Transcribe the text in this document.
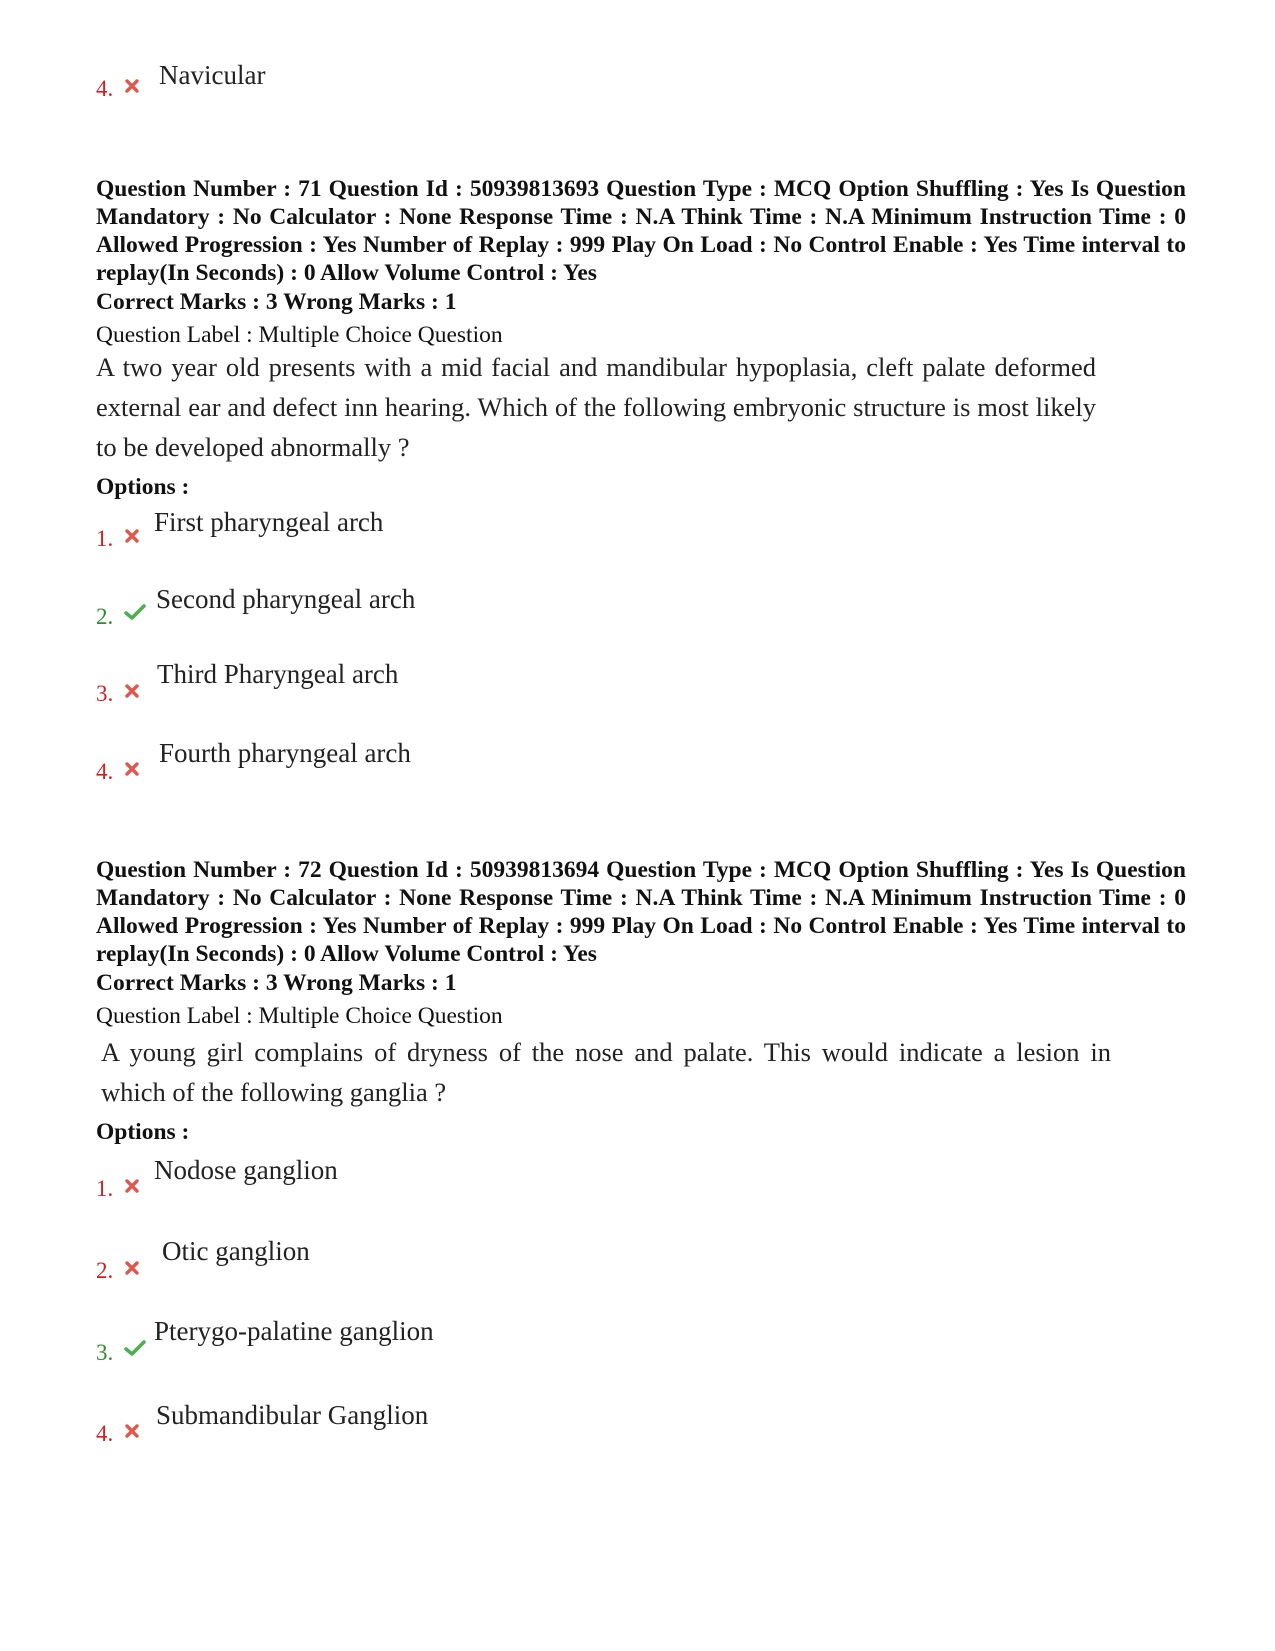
4. Navicular
Question Number : 71 Question Id : 50939813693 Question Type : MCQ Option Shuffling : Yes Is Question Mandatory : No Calculator : None Response Time : N.A Think Time : N.A Minimum Instruction Time : 0 Allowed Progression : Yes Number of Replay : 999 Play On Load : No Control Enable : Yes Time interval to replay(In Seconds) : 0 Allow Volume Control : Yes
Correct Marks : 3 Wrong Marks : 1
Question Label : Multiple Choice Question
A two year old presents with a mid facial and mandibular hypoplasia, cleft palate deformed external ear and defect inn hearing. Which of the following embryonic structure is most likely to be developed abnormally ?
Options :
1.
First pharyngeal arch
2.
Second pharyngeal arch
3.
Third Pharyngeal arch
4.
Fourth pharyngeal arch
Question Number : 72 Question Id : 50939813694 Question Type : MCQ Option Shuffling : Yes Is Question Mandatory : No Calculator : None Response Time : N.A Think Time : N.A Minimum Instruction Time : 0 Allowed Progression : Yes Number of Replay : 999 Play On Load : No Control Enable : Yes Time interval to replay(In Seconds) : 0 Allow Volume Control : Yes
Correct Marks : 3 Wrong Marks : 1
Question Label : Multiple Choice Question
A young girl complains of dryness of the nose and palate. This would indicate a lesion in which of the following ganglia ?
Options :
1.
Nodose ganglion
2.
Otic ganglion
3.
Pterygo-palatine ganglion
4.
Submandibular Ganglion
